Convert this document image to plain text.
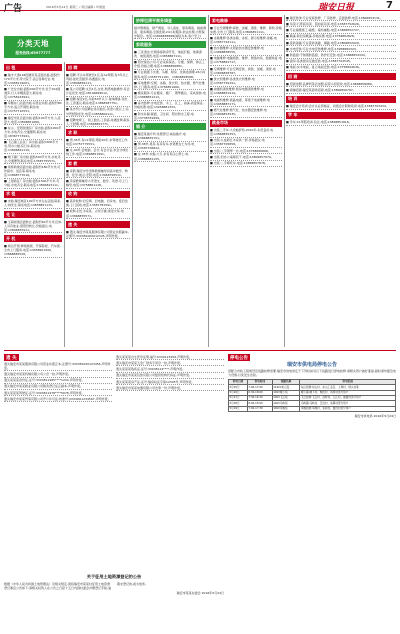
广告	2016年5月24日 星期二 / 责任编辑 / 叶建波	瑞安日报	7
分类天地
服务热线:65977777
出 租
■ 瑞丰大道104国道旁有店面出租,面积约170平方米,带大院子,适合各种行业,电话:13958119001。
■ 广告位出租:面积300平方米,位于104国道旁,行人车辆流量大,联系电话:13758163991。
■ 莘塍东门店面出租,有营业执照,面积约80平方米,适合开餐饮,联系电话:13757710551。
■ 瑞安市区店面出租:面积100平方米,人流量大,电话:13806851666。
■ 东山、安阳街道有厂房出租,面积1000平方米,水电齐全,交通便利,联系电话:18367773991。
■ 飞云镇工业区厂房出租:面积3000平方米,带办公楼,有行车,联系电话:13806861116。
■ 塘下镇厂房出租:面积500平方米,水电齐全,交通便利,联系电话:13587755571。
■ 场桥新建店面出租,面积约180平方米,可作超市、饭店等,联系电话:13868777016。
■ 上望新区厂房出租:面积1500平方米,可分租,水电齐全,联系电话:13806843111。
求 租
■ 求租:瑞安城区100平方米左右店面,联系人:林先生,联系电话:13858851115。
兑 让
■ 玉海街道店面转让,面积约60平方米,因本人另有他业,现低价转让,价格面议,电话:13806855911。
开 机
■ 鸿运开锁:修锁换锁、开保险柜、汽车锁,全市上门服务,电话:13958901999、13868885528。
招 聘
■ 招聘:平头车驾驶员1名,有A2驾照,有3年以上驾龄,能吃苦耐劳,待遇面议,电话:13806856111。
■ 某公司招聘:文员1名,女性,熟悉电脑操作,有会计证优先,电话:18106698012。
■ 招聘:保安2名,年龄50岁以下,身体健康,包吃住,工资面议,联系电话:13868587751。
■ 某外贸公司招聘业务员数名,英语六级以上,有外贸经验优先,电话:13858806111。
■ 招聘电焊工、钳工数名,工资高,待遇优厚,联系人:王经理,电话:13868852771。
求 职
■ 男,35岁,有C1驾照,驾龄10年,求驾驶员工作,电话:13757775551。
■ 女,40岁,会电脑、会计,有会计证,求会计或出纳工作,电话:13868851991。
家 教
■ 家教:瑞安中学退休教师辅导初高中数学、物理、化学,地点:安阳,电话:13968756511。
■ 资深教师辅导小学语文、数学、英语,可上门辅导,电话:13758861118。
收 购
■ 高价收购:旧空调、旧电脑、旧家电、废旧金属,上门回收,电话:13587781591。
■ 收购:旧红木家具、古玩字画,现金交易,电话:13868855571。
遗 失
■ 遗失:瑞安市某某服饰有限公司营业执照副本,注册号:330381000012345,声明作废。
妙探包清平商务调查
婚外情调查、财产调查、寻人查址、商务调查、婚前调查、债务调查,全国连锁,24小时服务,依法办理,为您保守秘密。电话:13806858888(诚信为本,客户至上)
家政服务
■ 三家清洁:长期承接新房开荒、地板打蜡、玻璃清洗、地毯清洗,电话:13858867111。
■ 阳光保洁公司:专业家庭保洁、月嫂、保姆、钟点工介绍,价格合理,电话:13868856881。
■ 专业疏通下水道、马桶、厨房、化粪池清理,24小时服务,电话:13587751181、13806858588。
■ 家电维修:空调、冰箱、洗衣机、热水器、燃气灶维修,上门服务,电话:13758851666。
■ 搬家服务:专业搬家、搬厂、钢琴搬运、家具拆装,电话:13868851212。
■ 室内装修:水电安装、木工、瓦工、油漆,质量保证,价格优惠,电话:13958881333。
■ 防水补漏:屋面、卫生间、阳台防水工程,电话:13738781899。
婚 介
■ 瑞安某婚介所:免费登记,诚信婚介,电话:13868855151。
■ 男,38岁,离异,有房有车,求贤惠女士为伴,电话:13587706822。
■ 女,35岁,未婚,大专,求有责任心男士,电话:13868861155。
家电维修
■ 专业空调维修:拆装、加氟、清洗、维修、移机,价格实惠,全市上门服务,电话:13806851111。
■ 冰箱维修:各类冰箱、冰柜、展示柜维修,加氟,电话:13857722111。
■ 热水器维修:太阳能热水器安装维修,电话:13868858555。
■ 电脑维修:电脑组装、维修、网络布线、数据恢复,电话:13758861717。
■ 空调维修:专业空调安装、拆装、加氟、清洗,电话:13806858787。
■ 洗衣机维修:各类洗衣机维修,电话:13587759191。
■ 油烟机清洗维修:厨房电器清洗维修,电话:13868851919。
■ 电视机维修:液晶电视、等离子电视维修,电话:13958887171。
■ 燃气灶维修:燃气灶、热水器安装维修,电话:13806853535。
跳蚤市场
■ 出售二手车:大众帕萨特,2010年,车况良好,电话:13868855353。
■ 出售:九成新红木家具一套,价格面议,电话:13587705858。
■ 出售:二手钢琴一台,电话:13758866868。
■ 出售:旧办公桌椅若干,电话:13806857979。
■ 出售:二手摩托车,电话:13868857878。
■ 瑞安装饰:专业家庭装修、厂房装修、店面装修,电话:13806853131。
■ 吊顶:石膏板吊顶、铝扣板吊顶,电话:13587752626。
■ 专业墙纸施工:墙纸、墙布铺贴,电话:13868852727。
■ 刷漆:新旧房刷漆,价格实惠,电话:13758862828。
■ 瓷砖美缝:专业瓷砖美缝、填缝,电话:13806852929。
■ 水电安装:专业水电安装维修,电话:13958882323。
■ 防盗窗:不锈钢防盗窗、防护栏安装,电话:13868854343。
■ 窗帘:各类窗帘定做安装,电话:13587704545。
■ 地板:实木地板、复合地板安装,电话:13758864646。
招 商
■ 招商加盟:品牌奶茶店加盟,投资小回报快,电话:13868858989。
■ 商铺招商:瑞安某商场招商,电话:13806856767。
培 训
■ 瑞安会计培训:会计从业资格证、初级会计职称培训,电话:13587703434。
学 车
■ 学车:C1驾照培训,包过,电话:13868851818。
遗 失
遗失瑞安市某某服饰有限公司营业执照正本,注册号:330381000123456,声明作废。
遗失瑞安市某某机械有限公司公章一枚,声明作废。
遗失某某某身份证,证号:3303811985****1234,声明作废。
遗失瑞安市某某鞋业有限公司税务登记证正副本,声明作废。
遗失某某某驾驶证,证号:3303811978****5678,声明作废。
遗失瑞安市某某贸易有限公司开户许可证,核准号:J3330001234567,声明作废。
遗失某某某出生医学证明,编号:K330123456,声明作废。
遗失瑞安市某某五金厂财务专用章一枚,声明作废。
遗失某某某残疾证,证号:33038119****,声明作废。
遗失瑞安市某某包装有限公司组织机构代码证,声明作废。
遗失某某某房产证,证号:瑞房权证字第12345号,声明作废。
遗失瑞安市某某电器有限公司发票一份,声明作废。
关于征用土地资源登记的公告
根据《中华人民共和国土地管理法》及相关规定,现将瑞安市某某村征用土地资源登记事宜公告如下:请相关权利人在公告之日起十五日内到村委会办理登记手续,逾期未登记的,视为放弃。
瑞安市某某村委会 2016年5月24日
停电公告
瑞安市供电局停电公告
因配合市政工程建设及线路检修需要,瑞安市供电局定于下列时间对以下线路进行停电检修,请相关用户做好准备,届时请勿靠近电力设施,以免发生危险。
停电日期	停电时间	线路名称	停电范围
5月25日	7:00-17:00	110kV东山变	东山街道:东山村、东山工业区、上埠村、埭头村等
5月26日	6:30-18:00	10kV塘下线	塘下镇:塘下村、鲍田村、场桥村部分用户
5月27日	7:30-16:30	10kV飞云线	飞云街道:飞云村、孙桥村、云江村、渔渡村部分用户
5月28日	8:00-15:00	10kV马屿线	马屿镇:马屿村、篁社村、仙降村部分用户
5月29日	7:00-17:30	10kV莘塍线	莘塍街道:莘塍村、东新村、董田村部分用户
瑞安市供电局 2016年5月24日
